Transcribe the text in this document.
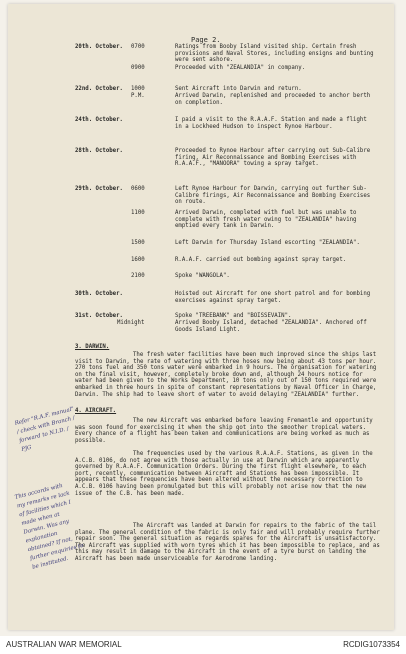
Page 2.
20th. October. 0700	Ratings from Booby Island visited ship. Certain fresh provisions and Naval Stores, including ensigns and bunting were sent ashore.
0900	Proceeded with "ZEALANDIA" in company.
22nd. October. 1000	Sent Aircraft into Darwin and return.
P.M.	Arrived Darwin, replenished and proceeded to anchor berth on completion.
24th. October.	I paid a visit to the R.A.A.F. Station and made a flight in a Lockheed Hudson to inspect Rynoe Harbour.
28th. October.	Proceeded to Rynoe Harbour after carrying out Sub-Calibre firing, Air Reconnaissance and Bombing Exercises with R.A.A.F., "MANOORA" towing a spray target.
29th. October. 0600	Left Rynoe Harbour for Darwin, carrying out further Sub-Calibre firings, Air Reconnaissance and Bombing Exercises on route.
1100	Arrived Darwin, completed with fuel but was unable to complete with fresh water owing to "ZEALANDIA" having emptied every tank in Darwin.
1500	Left Darwin for Thursday Island escorting "ZEALANDIA".
1600	R.A.A.F. carried out bombing against spray target.
2100	Spoke "WANGOLA".
30th. October.	Hoisted out Aircraft for one short patrol and for bombing exercises against spray target.
31st. October.	Spoke "TREEBANK" and "BOISSEVAIN".
Midnight	Arrived Booby Island, detached "ZEALANDIA". Anchored off Goods Island Light.
3. DARWIN.
The fresh water facilities have been much improved since the ships last visit to Darwin, the rate of watering with three hoses now being about 43 tons per hour. 270 tons fuel and 350 tons water were embarked in 9 hours. The organisation for watering on the final visit, however, completely broke down and, although 24 hours notice for water had been given to the Works Department, 10 tons only out of 150 tons required were embarked in three hours in spite of constant representations by Naval Officer in Charge, Darwin. The ship had to leave short of water to avoid delaying "ZEALANDIA" further.
4. AIRCRAFT.
The new Aircraft was embarked before leaving Fremantle and opportunity was soon found for exercising it when the ship got into the smoother tropical waters. Every chance of a flight has been taken and communications are being worked as much as possible.
The frequencies used by the various R.A.A.F. Stations, as given in the A.C.B. 0106, do not agree with those actually in use at Darwin which are apparently governed by R.A.A.F. Communication Orders. During the first flight elsewhere, to each port, recently, communication between Aircraft and Stations has been impossible. It appears that these frequencies have been altered without the necessary correction to A.C.B. 0106 having been promulgated but this will probably not arise now that the new issue of the C.B. has been made.
The Aircraft was landed at Darwin for repairs to the fabric of the tail plane. The general condition of the fabric is only fair and will probably require further repair soon. The general situation as regards spares for the Aircraft is unsatisfactory. The Aircraft was supplied with worn tyres which it has been impossible to replace, and as this may result in damage to the Aircraft in the event of a tyre burst on landing the Aircraft has been made unserviceable for Aerodrome landing.
Refer "R.A.F. manual" / check with Branch / forward to N.I.D. / PJG
This accords with my remarks re lack of facilities which I made when at Darwin. Was any explanation obtained? If not, further enquiries to be instituted.
AUSTRALIAN WAR MEMORIAL	RCDIG1073354
